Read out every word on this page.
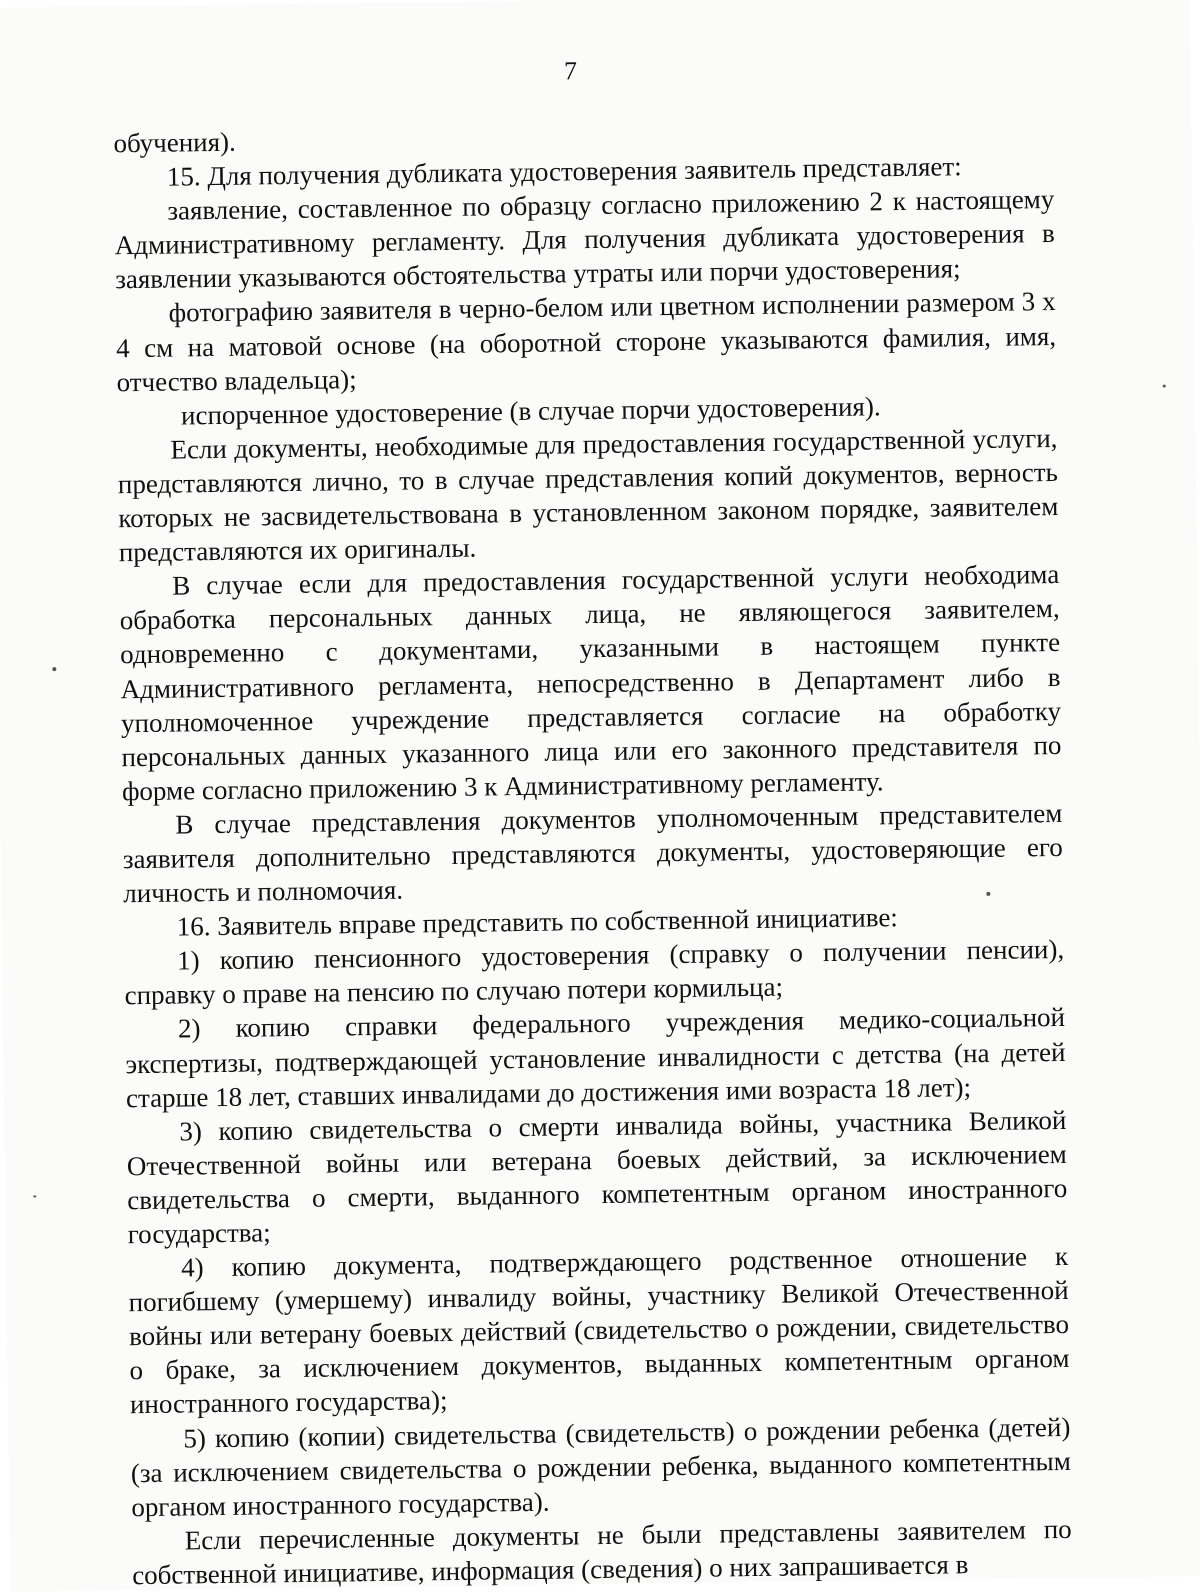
7

обучения).

15. Для получения дубликата удостоверения заявитель представляет:

заявление, составленное по образцу согласно приложению 2 к настоящему Административному регламенту. Для получения дубликата удостоверения в заявлении указываются обстоятельства утраты или порчи удостоверения;

фотографию заявителя в черно-белом или цветном исполнении размером 3 х 4 см на матовой основе (на оборотной стороне указываются фамилия, имя, отчество владельца);

испорченное удостоверение (в случае порчи удостоверения).

Если документы, необходимые для предоставления государственной услуги, представляются лично, то в случае представления копий документов, верность которых не засвидетельствована в установленном законом порядке, заявителем представляются их оригиналы.

В случае если для предоставления государственной услуги необходима обработка персональных данных лица, не являющегося заявителем, одновременно с документами, указанными в настоящем пункте Административного регламента, непосредственно в Департамент либо в уполномоченное учреждение представляется согласие на обработку персональных данных указанного лица или его законного представителя по форме согласно приложению 3 к Административному регламенту.

В случае представления документов уполномоченным представителем заявителя дополнительно представляются документы, удостоверяющие его личность и полномочия.

16. Заявитель вправе представить по собственной инициативе:

1) копию пенсионного удостоверения (справку о получении пенсии), справку о праве на пенсию по случаю потери кормильца;

2) копию справки федерального учреждения медико-социальной экспертизы, подтверждающей установление инвалидности с детства (на детей старше 18 лет, ставших инвалидами до достижения ими возраста 18 лет);

3) копию свидетельства о смерти инвалида войны, участника Великой Отечественной войны или ветерана боевых действий, за исключением свидетельства о смерти, выданного компетентным органом иностранного государства;

4) копию документа, подтверждающего родственное отношение к погибшему (умершему) инвалиду войны, участнику Великой Отечественной войны или ветерану боевых действий (свидетельство о рождении, свидетельство о браке, за исключением документов, выданных компетентным органом иностранного государства);

5) копию (копии) свидетельства (свидетельств) о рождении ребенка (детей) (за исключением свидетельства о рождении ребенка, выданного компетентным органом иностранного государства).

Если перечисленные документы не были представлены заявителем по собственной инициативе, информация (сведения) о них запрашивается в
